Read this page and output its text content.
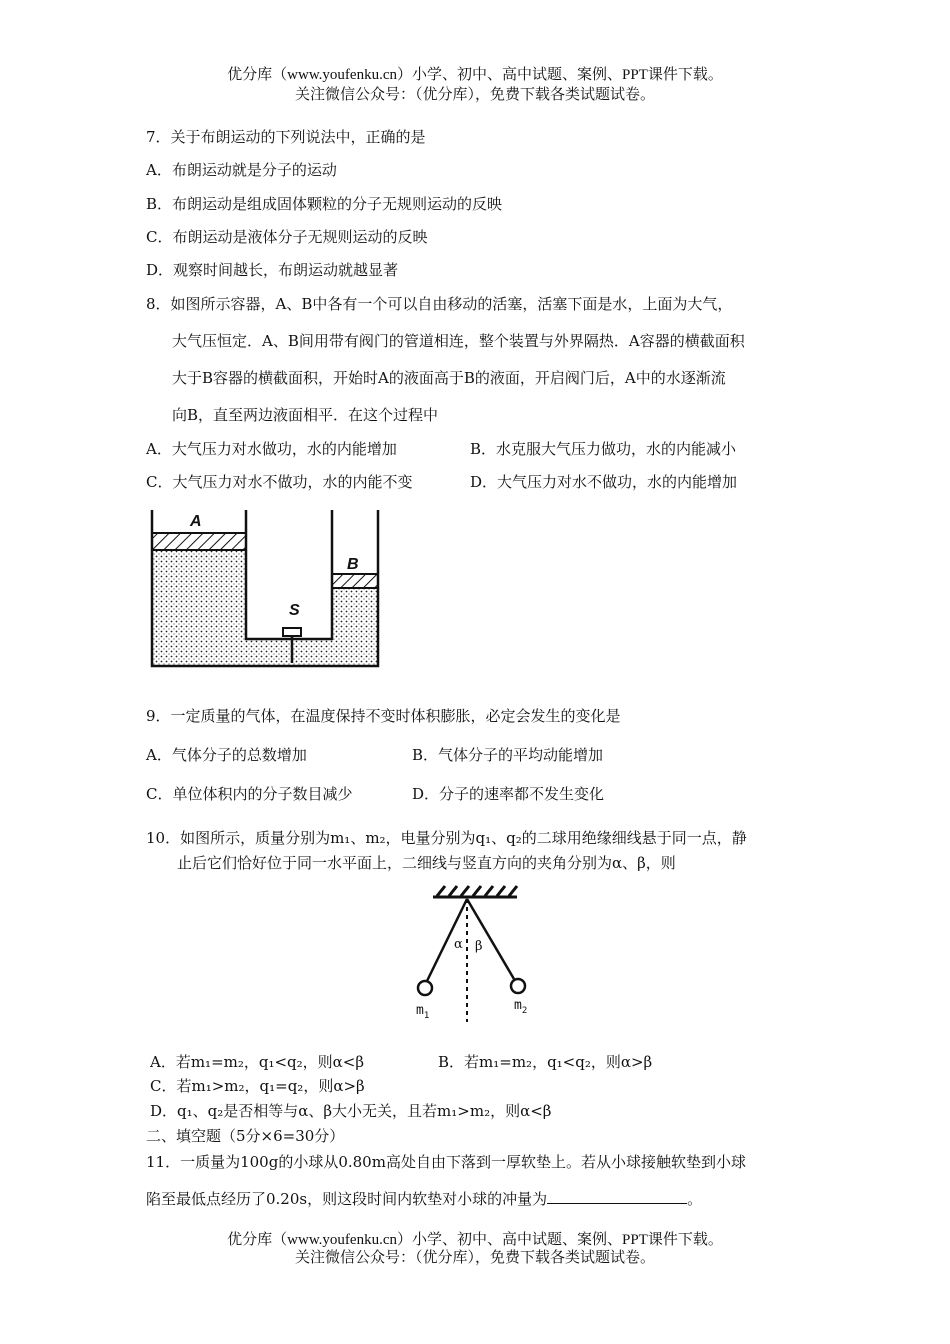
优分库（www.youfenku.cn）小学、初中、高中试题、案例、PPT课件下载。
关注微信公众号：（优分库），免费下载各类试题试卷。
7．关于布朗运动的下列说法中，正确的是
A．布朗运动就是分子的运动
B．布朗运动是组成固体颗粒的分子无规则运动的反映
C．布朗运动是液体分子无规则运动的反映
D．观察时间越长，布朗运动就越显著
8．如图所示容器，A、B中各有一个可以自由移动的活塞，活塞下面是水，上面为大气，
大气压恒定．A、B间用带有阀门的管道相连，整个装置与外界隔热．A容器的横截面积
大于B容器的横截面积，开始时A的液面高于B的液面，开启阀门后，A中的水逐渐流
向B，直至两边液面相平．在这个过程中
A．大气压力对水做功，水的内能增加	B．水克服大气压力做功，水的内能减小
C．大气压力对水不做功，水的内能不变	D．大气压力对水不做功，水的内能增加
A
B
S
9．一定质量的气体，在温度保持不变时体积膨胀，必定会发生的变化是
A．气体分子的总数增加	B．气体分子的平均动能增加
C．单位体积内的分子数目减少	D．分子的速率都不发生变化
10．如图所示，质量分别为m₁、m₂，电量分别为q₁、q₂的二球用绝缘细线悬于同一点，静
止后它们恰好位于同一水平面上，二细线与竖直方向的夹角分别为α、β，则
α β
$m_1$
$m_2$
A．若m₁=m₂，q₁<q₂，则α<β	B．若m₁=m₂，q₁<q₂，则α>β
C．若m₁>m₂，q₁=q₂，则α>β
D．q₁、q₂是否相等与α、β大小无关，且若m₁>m₂，则α<β
二、填空题（5分×6=30分）
11．一质量为100g的小球从0.80m高处自由下落到一厚软垫上。若从小球接触软垫到小球
陷至最低点经历了0.20s，则这段时间内软垫对小球的冲量为	。
优分库（www.youfenku.cn）小学、初中、高中试题、案例、PPT课件下载。
关注微信公众号：（优分库），免费下载各类试题试卷。
